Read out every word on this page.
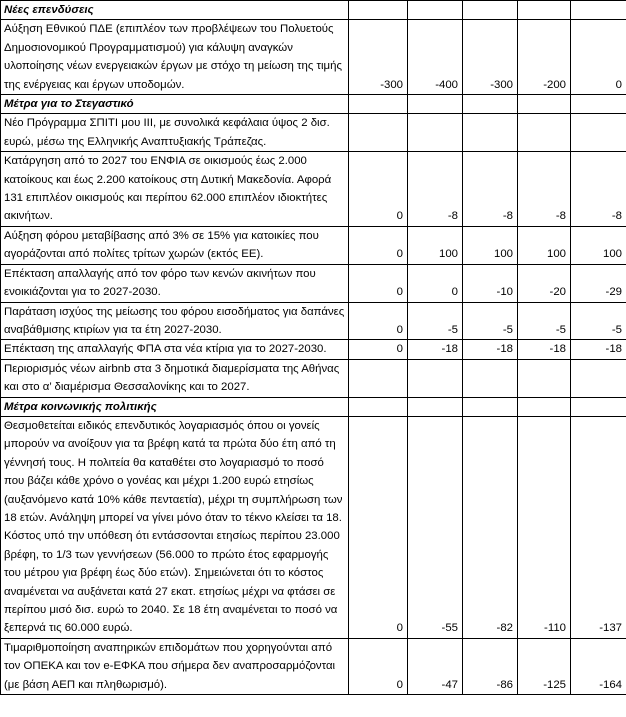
Νέες επενδύσεις					
Αύξηση Εθνικού ΠΔΕ (επιπλέον των προβλέψεων του Πολυετούς Δημοσιονομικού Προγραμματισμού) για κάλυψη αναγκών υλοποίησης νέων ενεργειακών έργων με στόχο τη μείωση της τιμής της ενέργειας και έργων υποδομών.	-300	-400	-300	-200	0
Μέτρα για το Στεγαστικό					
Νέο Πρόγραμμα ΣΠΙΤΙ μου ΙΙΙ, με συνολικά κεφάλαια ύψος 2 δισ. ευρώ, μέσω της Ελληνικής Αναπτυξιακής Τράπεζας.					
Κατάργηση από το 2027 του ΕΝΦΙΑ σε οικισμούς έως 2.000 κατοίκους και έως 2.200 κατοίκους στη Δυτική Μακεδονία. Αφορά 131 επιπλέον οικισμούς και περίπου 62.000 επιπλέον ιδιοκτήτες ακινήτων.	0	-8	-8	-8	-8
Αύξηση φόρου μεταβίβασης από 3% σε 15% για κατοικίες που αγοράζονται από πολίτες τρίτων χωρών (εκτός ΕΕ).	0	100	100	100	100
Επέκταση απαλλαγής από τον φόρο των κενών ακινήτων που ενοικιάζονται για το 2027-2030.	0	0	-10	-20	-29
Παράταση ισχύος της μείωσης του φόρου εισοδήματος για δαπάνες αναβάθμισης κτιρίων για τα έτη 2027-2030.	0	-5	-5	-5	-5
Επέκταση της απαλλαγής ΦΠΑ στα νέα κτίρια για το 2027-2030.	0	-18	-18	-18	-18
Περιορισμός νέων airbnb στα 3 δημοτικά διαμερίσματα της Αθήνας και στο α’ διαμέρισμα Θεσσαλονίκης και το 2027.					
Μέτρα κοινωνικής πολιτικής					
Θεσμοθετείται ειδικός επενδυτικός λογαριασμός όπου οι γονείς μπορούν να ανοίξουν για τα βρέφη κατά τα πρώτα δύο έτη από τη γέννησή τους. Η πολιτεία θα καταθέτει στο λογαριασμό το ποσό που βάζει κάθε χρόνο ο γονέας και μέχρι 1.200 ευρώ ετησίως (αυξανόμενο κατά 10% κάθε πενταετία), μέχρι τη συμπλήρωση των 18 ετών. Ανάληψη μπορεί να γίνει μόνο όταν το τέκνο κλείσει τα 18. Κόστος υπό την υπόθεση ότι εντάσσονται ετησίως περίπου 23.000 βρέφη, το 1/3 των γεννήσεων (56.000 το πρώτο έτος εφαρμογής του μέτρου για βρέφη έως δύο ετών). Σημειώνεται ότι το κόστος αναμένεται να αυξάνεται κατά 27 εκατ. ετησίως μέχρι να φτάσει σε περίπου μισό δισ. ευρώ το 2040. Σε 18 έτη αναμένεται το ποσό να ξεπερνά τις 60.000 ευρώ.	0	-55	-82	-110	-137
Τιμαριθμοποίηση αναπηρικών επιδομάτων που χορηγούνται από τον ΟΠΕΚΑ και τον e-ΕΦΚΑ που σήμερα δεν αναπροσαρμόζονται (με βάση ΑΕΠ και πληθωρισμό).	0	-47	-86	-125	-164
